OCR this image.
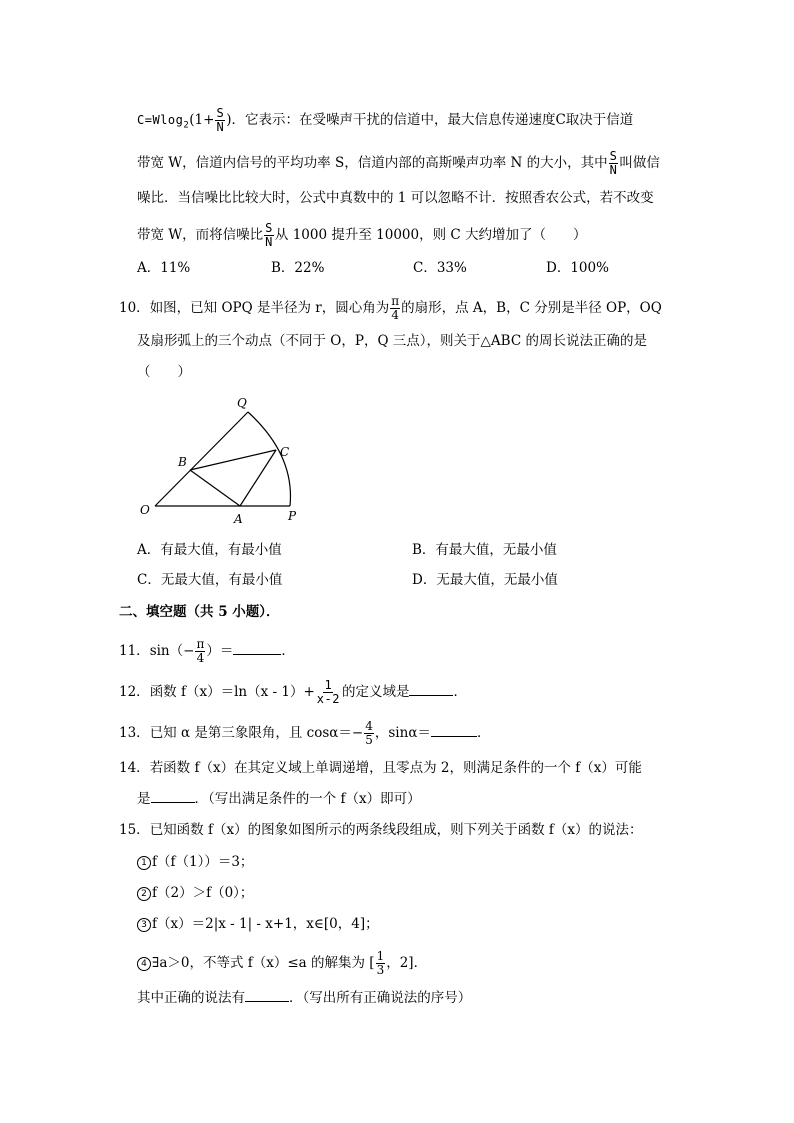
$C=Wlog_2(1+ \frac{S}{N}$ )．它表示：在受噪声干扰的信道中，最大信息传递速度C取决于信道
带宽 W，信道内信号的平均功率 S，信道内部的高斯噪声功率 N 的大小，其中 $\frac{S}{N}$ 叫做信
噪比．当信噪比比较大时，公式中真数中的 1 可以忽略不计．按照香农公式，若不改变
带宽 W，而将信噪比 $\frac{S}{N}$ 从 1000 提升至 10000，则 C 大约增加了（　　）
A．11%	B．22%	C．33%	D．100%
10．如图，已知 OPQ 是半径为 r，圆心角为 $\frac{\pi}{4}$ 的扇形，点 A，B，C 分别是半径 OP，OQ
及扇形弧上的三个动点（不同于 O，P，Q 三点），则关于△ABC 的周长说法正确的是
（　　）
O	P
Q
A
B
C
A．有最大值，有最小值	B．有最大值，无最小值
C．无最大值，有最小值	D．无最大值，无最小值
二、填空题（共 5 小题）．
11．$\sin(- \frac{\pi}{4}$ ）＝	．
12．函数 $f(x)=\ln(x - 1)+ \frac{1}{x-2}$ 的定义域是	．
13．已知 α 是第三象限角，且 $\cos\alpha=- \frac{4}{5}$ ，sinα＝	．
14．若函数 f（x）在其定义域上单调递增，且零点为 2，则满足条件的一个 f（x）可能
是	．（写出满足条件的一个 f（x）即可）
15．已知函数 f（x）的图象如图所示的两条线段组成，则下列关于函数 f（x）的说法：
1 f（f（1））＝3；
2 f（2）＞f（0）；
3 f（x）＝2|x - 1| - x+1，x∈[0，4]；
4 ∃a＞0，不等式 f（x）≤a 的解集为 [ $\frac{1}{3}$ ，2]．
其中正确的说法有	．（写出所有正确说法的序号）
